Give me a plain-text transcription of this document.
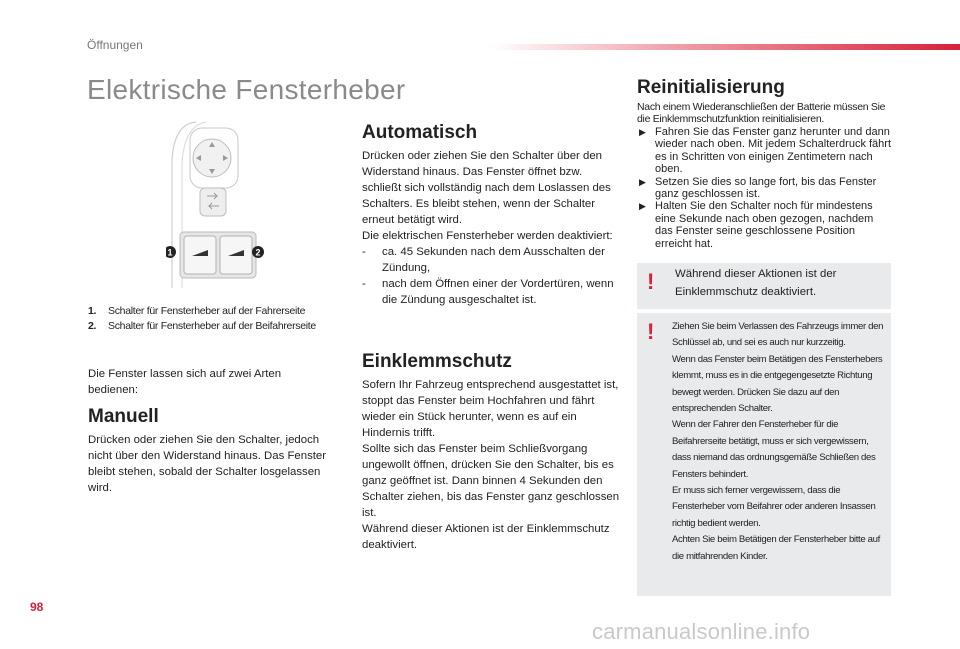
Öffnungen
Elektrische Fensterheber
1	2
1. Schalter für Fensterheber auf der Fahrerseite
2. Schalter für Fensterheber auf der Beifahrerseite
Die Fenster lassen sich auf zwei Arten bedienen:
Manuell
Drücken oder ziehen Sie den Schalter, jedoch nicht über den Widerstand hinaus. Das Fenster bleibt stehen, sobald der Schalter losgelassen wird.
Automatisch
Drücken oder ziehen Sie den Schalter über den Widerstand hinaus. Das Fenster öffnet bzw. schließt sich vollständig nach dem Loslassen des Schalters. Es bleibt stehen, wenn der Schalter erneut betätigt wird.
Die elektrischen Fensterheber werden deaktiviert:
- ca. 45 Sekunden nach dem Ausschalten der Zündung,
- nach dem Öffnen einer der Vordertüren, wenn die Zündung ausgeschaltet ist.
Einklemmschutz
Sofern Ihr Fahrzeug entsprechend ausgestattet ist, stoppt das Fenster beim Hochfahren und fährt wieder ein Stück herunter, wenn es auf ein Hindernis trifft.
Sollte sich das Fenster beim Schließvorgang ungewollt öffnen, drücken Sie den Schalter, bis es ganz geöffnet ist. Dann binnen 4 Sekunden den Schalter ziehen, bis das Fenster ganz geschlossen ist.
Während dieser Aktionen ist der Einklemmschutz deaktiviert.
Reinitialisierung
Nach einem Wiederanschließen der Batterie müssen Sie die Einklemmschutzfunktion reinitialisieren.
▶ Fahren Sie das Fenster ganz herunter und dann wieder nach oben. Mit jedem Schalterdruck fährt es in Schritten von einigen Zentimetern nach oben.
▶ Setzen Sie dies so lange fort, bis das Fenster ganz geschlossen ist.
▶ Halten Sie den Schalter noch für mindestens eine Sekunde nach oben gezogen, nachdem das Fenster seine geschlossene Position erreicht hat.
! Während dieser Aktionen ist der Einklemmschutz deaktiviert.
! Ziehen Sie beim Verlassen des Fahrzeugs immer den Schlüssel ab, und sei es auch nur kurzzeitig.
Wenn das Fenster beim Betätigen des Fensterhebers klemmt, muss es in die entgegengesetzte Richtung bewegt werden. Drücken Sie dazu auf den entsprechenden Schalter.
Wenn der Fahrer den Fensterheber für die Beifahrerseite betätigt, muss er sich vergewissern, dass niemand das ordnungsgemäße Schließen des Fensters behindert.
Er muss sich ferner vergewissern, dass die Fensterheber vom Beifahrer oder anderen Insassen richtig bedient werden.
Achten Sie beim Betätigen der Fensterheber bitte auf die mitfahrenden Kinder.
98
carmanualsonline.info
